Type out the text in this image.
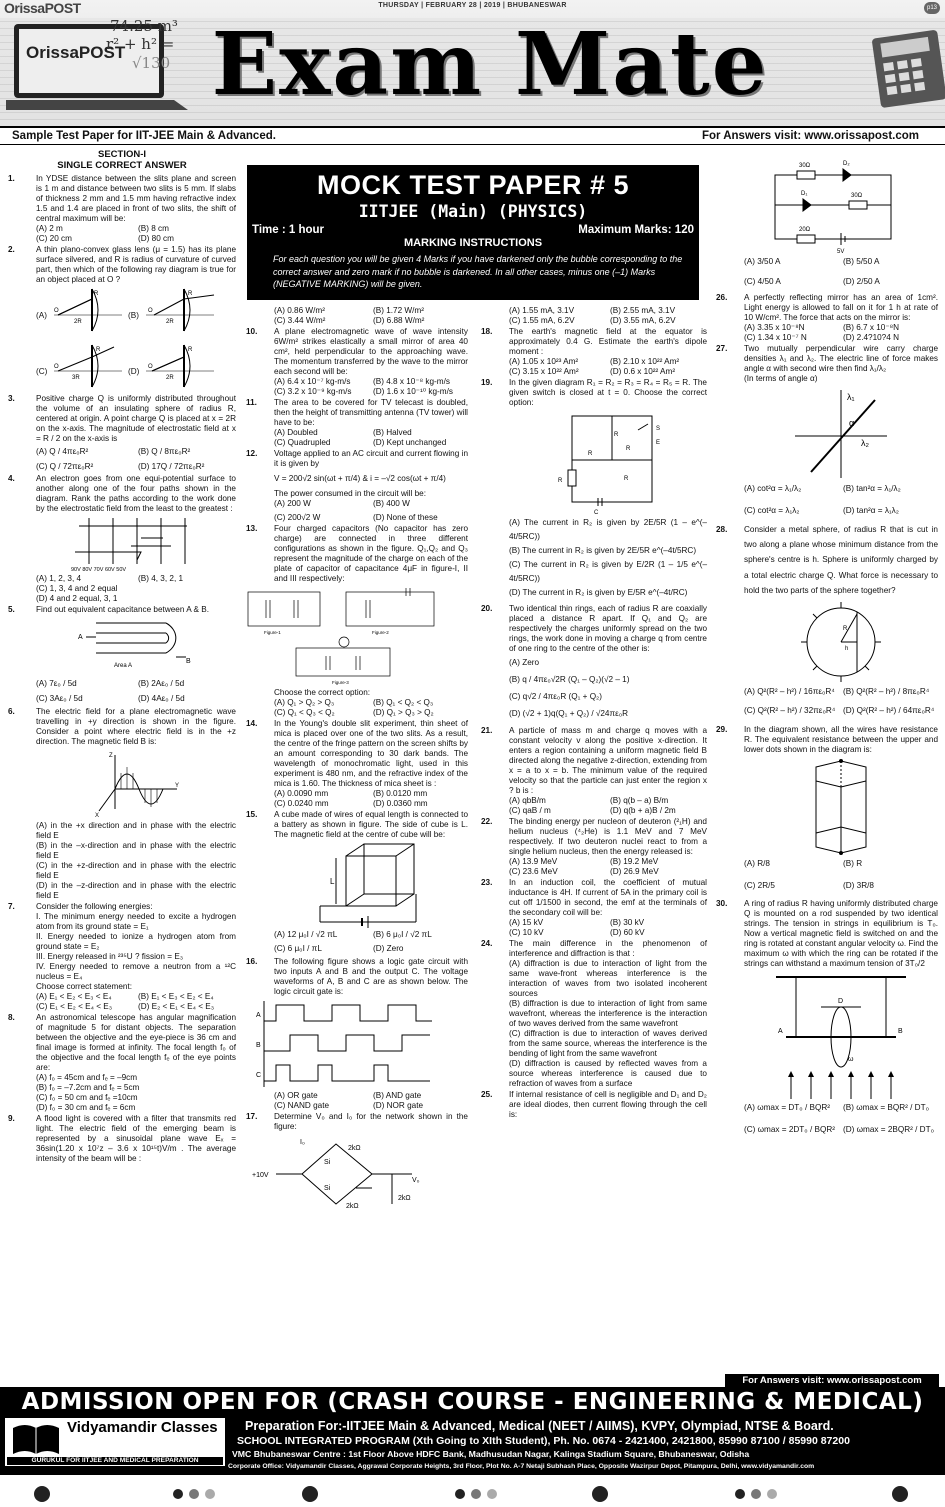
OrissaPOST	THURSDAY | FEBRUARY 28 | 2019 | BHUBANESWAR	p13
OrissaPOST
74.25 m³
r² + h² =
√130 Exam Mate
Sample Test Paper for IIT-JEE Main & Advanced.	For Answers visit: www.orissapost.com
MOCK TEST PAPER # 5
IITJEE (Main) (PHYSICS)
Time : 1 hour	Maximum Marks: 120
MARKING INSTRUCTIONS
For each question you will be given 4 Marks if you have darkened only the bubble corresponding to the correct answer and zero mark if no bubble is darkened. In all other cases, minus one (–1) Marks (NEGATIVE MARKING) will be given.
SECTION-I
SINGLE CORRECT ANSWER
1.	In YDSE distance between the slits plane and screen is 1 m and distance between two slits is 5 mm. If slabs of thickness 2 mm and 1.5 mm having refractive index 1.5 and 1.4 are placed in front of two slits, the shift of central maximum will be:
(A) 2 m	(B) 8 cm
(C) 20 cm	(D) 80 cm
2.	A thin plano-convex glass lens (μ = 1.5) has its plane surface silvered, and R is radius of curvature of curved part, then which of the following ray diagram is true for an object placed at O ?
(A)	(B)
(C)	(D)
O
2R
R
O
2R
R
O
3R
R
O
2R
R
3.	Positive charge Q is uniformly distributed throughout the volume of an insulating sphere of radius R, centered at origin. A point charge Q is placed at x = 2R on the x-axis. The magnitude of electrostatic field at x = R / 2 on the x-axis is
(A) Q / 4πε₀R²	(B) Q / 8πε₀R²
(C) Q / 72πε₀R²	(D) 17Q / 72πε₀R²
4.	An electron goes from one equi-potential surface to another along one of the four paths shown in the diagram. Rank the paths according to the work done by the electrostatic field from the least to the greatest :
90V 80V 70V 60V 50V
(A) 1, 2, 3, 4	(B) 4, 3, 2, 1
(C) 1, 3, 4 and 2 equal
(D) 4 and 2 equal, 3, 1
5.	Find out equivalent capacitance between A & B.
A
B
Area A
(A) 7ε₀ / 5d	(B) 2Aε₀ / 5d
(C) 3Aε₀ / 5d	(D) 4Aε₀ / 5d
6.	The electric field for a plane electromagnetic wave travelling in +y direction is shown in the figure. Consider a point where electric field is in the +z direction. The magnetic field B is:
Z
Y
X
(A) in the +x direction and in phase with the electric field E
(B) in the –x-direction and in phase with the electric field E
(C) in the +z-direction and in phase with the electric field E
(D) in the –z-direction and in phase with the electric field E
7.	Consider the following energies:
I. The minimum energy needed to excite a hydrogen atom from its ground state = E₁
II. Energy needed to ionize a hydrogen atom from ground state = E₂
III. Energy released in ²³⁵U ? fission = E₃
IV. Energy needed to remove a neutron from a ¹²C nucleus = E₄
Choose correct statement:
(A) E₁ < E₂ < E₃ < E₄	(B) E₁ < E₃ < E₂ < E₄
(C) E₁ < E₂ < E₄ < E₃	(D) E₂ < E₁ < E₄ < E₃
8.	An astronomical telescope has angular magnification of magnitude 5 for distant objects. The separation between the objective and the eye-piece is 36 cm and final image is formed at infinity. The focal length f₀ of the objective and the focal length fₑ of the eye points are:
(A) f₀ = 45cm and fₑ = –9cm
(B) f₀ = –7.2cm and fₑ = 5cm
(C) f₀ = 50 cm and fₑ =10cm
(D) f₀ = 30 cm and fₑ = 6cm
9.	A flood light is covered with a filter that transmits red light. The electric field of the emerging beam is represented by a sinusoidal plane wave Eₓ = 36sin(1.20 x 10⁷z – 3.6 x 10¹⁵t)V/m . The average intensity of the beam will be :
(A) 0.86 W/m²	(B) 1.72 W/m²
(C) 3.44 W/m²	(D) 6.88 W/m²
10. A plane electromagnetic wave of wave intensity 6W/m² strikes elastically a small mirror of area 40 cm², held perpendicular to the approaching wave. The momentum transferred by the wave to the mirror each second will be:
(A) 6.4 x 10⁻⁷ kg-m/s	(B) 4.8 x 10⁻⁸ kg-m/s
(C) 3.2 x 10⁻⁹ kg-m/s	(D) 1.6 x 10⁻¹⁰ kg-m/s
11. The area to be covered for TV telecast is doubled, then the height of transmitting antenna (TV tower) will have to be:
(A) Doubled	(B) Halved
(C) Quadrupled	(D) Kept unchanged
12. Voltage applied to an AC circuit and current flowing in it is given by
V = 200√2 sin(ωt + π/4) & i = –√2 cos(ωt + π/4)
The power consumed in the circuit will be:
(A) 200 W	(B) 400 W
(C) 200√2 W	(D) None of these
13. Four charged capacitors (No capacitor has zero charge) are connected in three different configurations as shown in the figure. Q₁,Q₂ and Q₃ represent the magnitude of the charge on each of the plate of capacitor of capacitance 4μF in figure-I, II and III respectively:
Figure-1	Figure-2
Figure-3
Choose the correct option:
(A) Q₁ > Q₂ > Q₃	(B) Q₁ < Q₂ < Q₃
(C) Q₁ < Q₃ < Q₂	(D) Q₁ > Q₃ > Q₂
14. In the Young's double slit experiment, thin sheet of mica is placed over one of the two slits. As a result, the centre of the fringe pattern on the screen shifts by an amount corresponding to 30 dark bands. The wavelength of monochromatic light, used in this experiment is 480 nm, and the refractive index of the mica is 1.60. The thickness of mica sheet is :
(A) 0.0090 mm	(B) 0.0120 mm
(C) 0.0240 mm	(D) 0.0360 mm
15. A cube made of wires of equal length is connected to a battery as shown in figure. The side of cube is L. The magnetic field at the centre of cube will be:
L
(A) 12 μ₀I / √2 πL	(B) 6 μ₀I / √2 πL
(C) 6 μ₀I / πL	(D) Zero
16. The following figure shows a logic gate circuit with two inputs A and B and the output C. The voltage waveforms of A, B and C are as shown below. The logic circuit gate is:
A
B
C
(A) OR gate	(B) AND gate
(C) NAND gate	(D) NOR gate
17. Determine V₀ and I₀ for the network shown in the figure:
+10V
Si
Si
2kΩ
2kΩ
2kΩ
V₀
I₀
(A) 1.55 mA, 3.1V	(B) 2.55 mA, 3.1V
(C) 1.55 mA, 6.2V	(D) 3.55 mA, 6.2V
18. The earth's magnetic field at the equator is approximately 0.4 G. Estimate the earth's dipole moment :
(A) 1.05 x 10²³ Am²	(B) 2.10 x 10²² Am²
(C) 3.15 x 10²² Am²	(D) 0.6 x 10²² Am²
19. In the given diagram R₁ = R₂ = R₃ = R₄ = R₅ = R. The given switch is closed at t = 0. Choose the correct option:
R
R
R
R	R
S
E
C
(A) The current in R₂ is given by 2E/5R (1 – e^(–4t/5RC))
(B) The current in R₂ is given by 2E/5R e^(–4t/5RC)
(C) The current in R₂ is given by E/2R (1 – 1/5 e^(–4t/5RC))
(D) The current in R₂ is given by E/5R e^(–4t/RC)
20. Two identical thin rings, each of radius R are coaxially placed a distance R apart. If Q₁ and Q₂ are respectively the charges uniformly spread on the two rings, the work done in moving a charge q from centre of one ring to the centre of the other is:
(A) Zero
(B) q / 4πε₀√2R (Q₁ – Q₂)(√2 – 1)
(C) q√2 / 4πε₀R (Q₁ + Q₂)
(D) (√2 + 1)q(Q₁ + Q₂) / √24πε₀R
21. A particle of mass m and charge q moves with a constant velocity v along the positive x-direction. It enters a region containing a uniform magnetic field B directed along the negative z-direction, extending from x = a to x = b. The minimum value of the required velocity so that the particle can just enter the region x ? b is :
(A) qbB/m	(B) q(b – a) B/m
(C) qaB / m	(D) q(b + a)B / 2m
22. The binding energy per nucleon of deuteron (²₁H) and helium nucleus (⁴₂He) is 1.1 MeV and 7 MeV respectively. If two deuteron nuclei react to from a single helium nucleus, then the energy released is:
(A) 13.9 MeV	(B) 19.2 MeV
(C) 23.6 MeV	(D) 26.9 MeV
23. In an induction coil, the coefficient of mutual inductance is 4H. If current of 5A in the primary coil is cut off 1/1500 in second, the emf at the terminals of the secondary coil will be:
(A) 15 kV	(B) 30 kV
(C) 10 kV	(D) 60 kV
24. The main difference in the phenomenon of interference and diffraction is that :
(A) diffraction is due to interaction of light from the same wave-front whereas interference is the interaction of waves from two isolated incoherent sources
(B) diffraction is due to interaction of light from same wavefront, whereas the interference is the interaction of two waves derived from the same wavefront
(C) diffraction is due to interaction of waves derived from the same source, whereas the interference is the bending of light from the same wavefront
(D) diffraction is caused by reflected waves from a source whereas interference is caused due to refraction of waves from a surface
25. If internal resistance of cell is negligible and D₁ and D₂ are ideal diodes, then current flowing through the cell is:
30Ω	D₂
D₁	30Ω
20Ω
5V
(A) 3/50 A	(B) 5/50 A
(C) 4/50 A	(D) 2/50 A
26. A perfectly reflecting mirror has an area of 1cm². Light energy is allowed to fall on it for 1 h at rate of 10 W/cm². The force that acts on the mirror is:
(A) 3.35 x 10⁻⁸N	(B) 6.7 x 10⁻⁸N
(C) 1.34 x 10⁻⁷ N	(D) 2.4?10?4 N
27. Two mutually perpendicular wire carry charge densities λ₁ and λ₂. The electric line of force makes angle α with second wire then find λ₁/λ₂
(In terms of angle α)
λ₁
λ₂
α
(A) cot²α = λ₁/λ₂	(B) tan²α = λ₁/λ₂
(C) cot²α = λ₁λ₂	(D) tan²α = λ₁λ₂
28. Consider a metal sphere, of radius R that is cut in two along a plane whose minimum distance from the sphere's centre is h. Sphere is uniformly charged by a total electric charge Q. What force is necessary to hold the two parts of the sphere together?
R
h
(A) Q²(R² – h²) / 16πε₀R⁴ (B) Q²(R² – h²) / 8πε₀R⁴
(C) Q²(R² – h²) / 32πε₀R⁴ (D) Q²(R² – h²) / 64πε₀R⁴
29. In the diagram shown, all the wires have resistance R. The equivalent resistance between the upper and lower dots shown in the diagram is:
(A) R/8	(B) R
(C) 2R/5	(D) 3R/8
30. A ring of radius R having uniformly distributed charge Q is mounted on a rod suspended by two identical strings. The tension in strings in equilibrium is T₀. Now a vertical magnetic field is switched on and the ring is rotated at constant angular velocity ω. Find the maximum ω with which the ring can be rotated if the strings can withstand a maximum tension of 3T₀/2
D
A	B
ω
(A) ωmax = DT₀ / BQR²	(B) ωmax = BQR² / DT₀
(C) ωmax = 2DT₀ / BQR² (D) ωmax = 2BQR² / DT₀
For Answers visit: www.orissapost.com
ADMISSION OPEN FOR (CRASH COURSE - ENGINEERING & MEDICAL)
Vidyamandir Classes
GURUKUL FOR IITJEE AND MEDICAL PREPARATION
Preparation For:-IITJEE Main & Advanced, Medical (NEET / AIIMS), KVPY, Olympiad, NTSE & Board.
SCHOOL INTEGRATED PROGRAM (Xth Going to XIth Student), Ph. No. 0674 - 2421400, 2421800, 85990 87100 / 85990 87200
VMC Bhubaneswar Centre : 1st Floor Above HDFC Bank, Madhusudan Nagar, Kalinga Stadium Square, Bhubaneswar, Odisha
Corporate Office: Vidyamandir Classes, Aggrawal Corporate Heights, 3rd Floor, Plot No. A-7 Netaji Subhash Place, Opposite Wazirpur Depot, Pitampura, Delhi, www.vidyamandir.com
